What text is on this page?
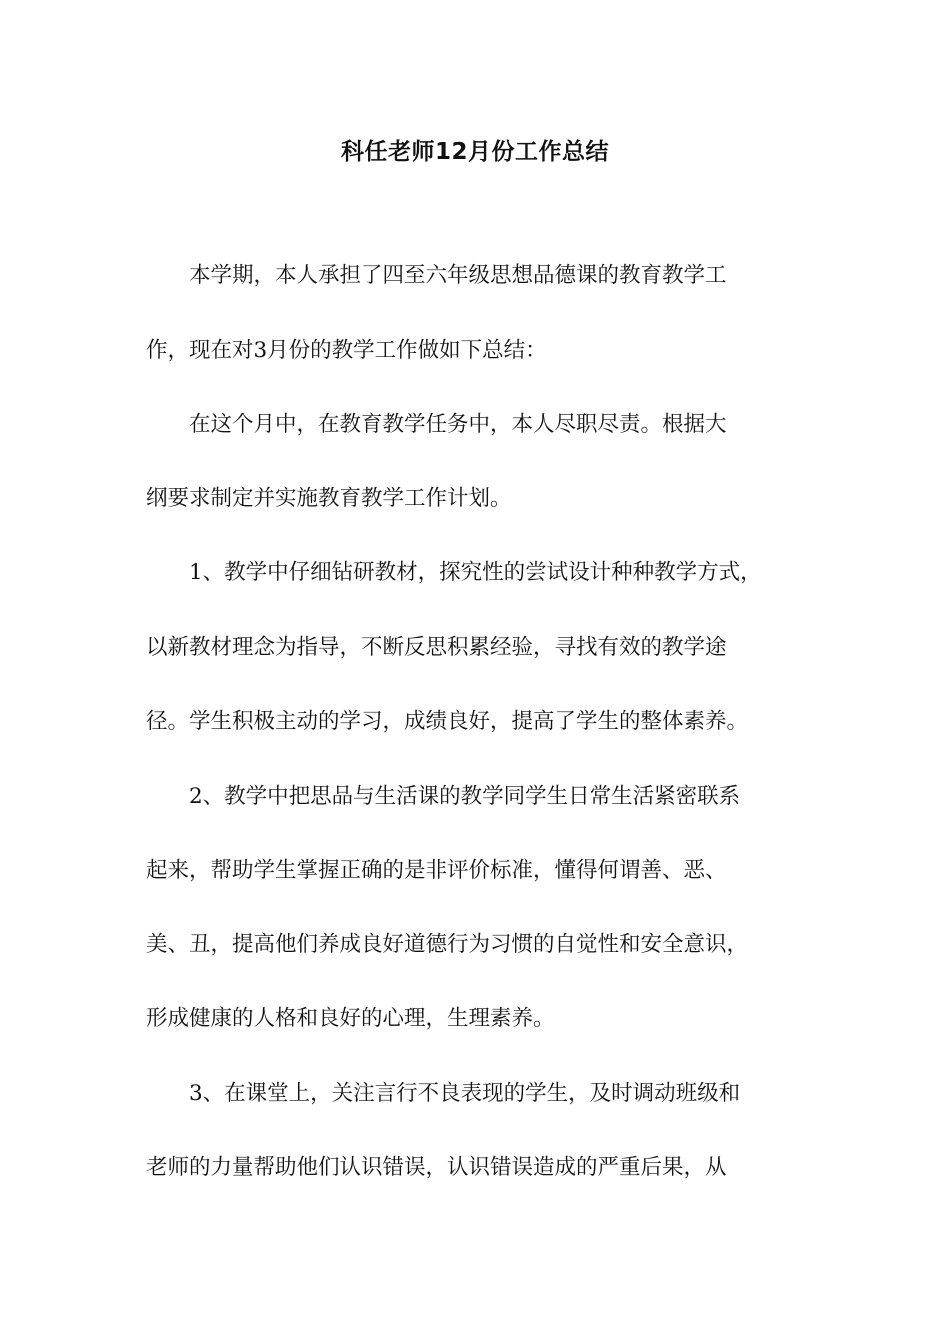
科任老师12月份工作总结

　　本学期，本人承担了四至六年级思想品德课的教育教学工

作，现在对3月份的教学工作做如下总结：

　　在这个月中，在教育教学任务中，本人尽职尽责。根据大

纲要求制定并实施教育教学工作计划。

　　1、教学中仔细钻研教材，探究性的尝试设计种种教学方式，

以新教材理念为指导，不断反思积累经验，寻找有效的教学途

径。学生积极主动的学习，成绩良好，提高了学生的整体素养。

　　2、教学中把思品与生活课的教学同学生日常生活紧密联系

起来，帮助学生掌握正确的是非评价标准，懂得何谓善、恶、

美、丑，提高他们养成良好道德行为习惯的自觉性和安全意识，

形成健康的人格和良好的心理，生理素养。

　　3、在课堂上，关注言行不良表现的学生，及时调动班级和

老师的力量帮助他们认识错误，认识错误造成的严重后果，从
